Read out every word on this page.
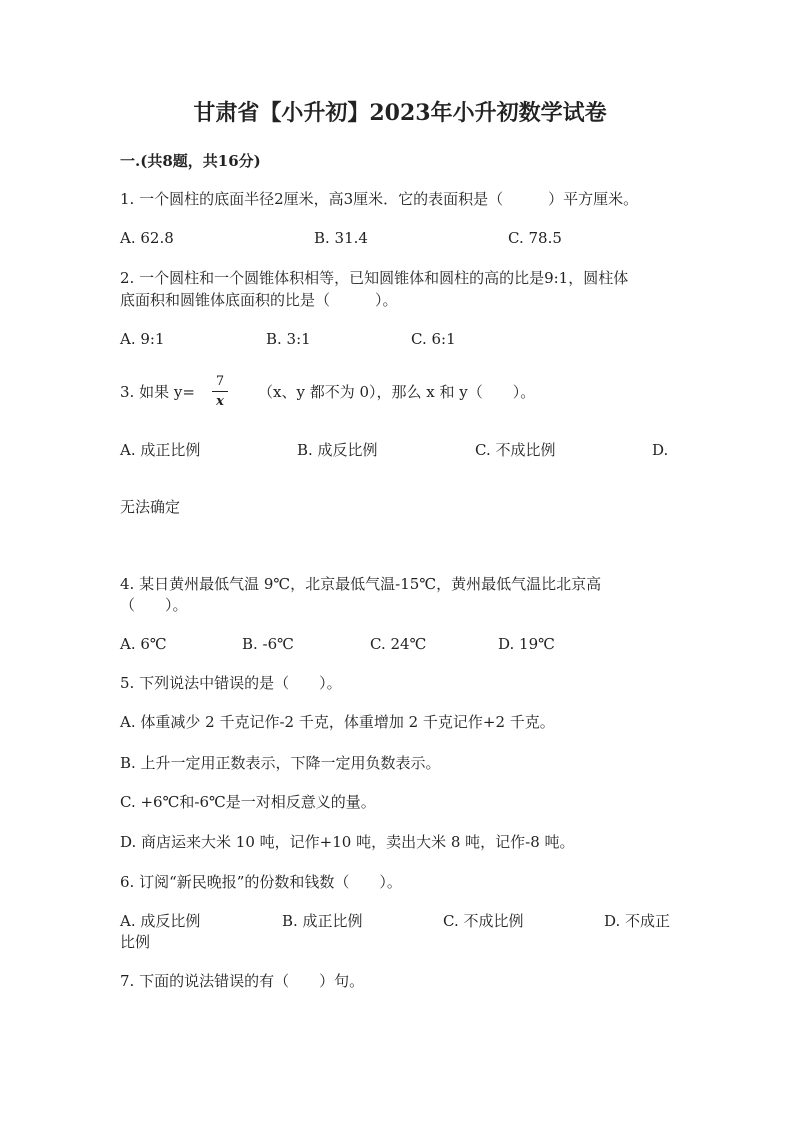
甘肃省【小升初】2023年小升初数学试卷
一.(共8题，共16分)
1. 一个圆柱的底面半径2厘米，高3厘米．它的表面积是（　　　）平方厘米。
A. 62.8	B. 31.4	C. 78.5
2. 一个圆柱和一个圆锥体积相等，已知圆锥体和圆柱的高的比是9:1，圆柱体
底面积和圆锥体底面积的比是（　　　）。
A. 9:1	B. 3:1	C. 6:1
3. 如果 $y= \frac{7}{x} (x$、y 都不为 0），那么 x 和 y（　　）。
A. 成正比例	B. 成反比例	C. 不成比例	D.
无法确定
4. 某日黄州最低气温 9℃，北京最低气温-15℃，黄州最低气温比北京高
（　　）。
A. 6℃	B. -6℃	C. 24℃	D. 19℃
5. 下列说法中错误的是（　　）。
A. 体重减少 2 千克记作-2 千克，体重增加 2 千克记作+2 千克。
B. 上升一定用正数表示，下降一定用负数表示。
C. +6℃和-6℃是一对相反意义的量。
D. 商店运来大米 10 吨，记作+10 吨，卖出大米 8 吨，记作-8 吨。
6. 订阅“新民晚报”的份数和钱数（　　）。
A. 成反比例	B. 成正比例	C. 不成比例	D. 不成正
比例
7. 下面的说法错误的有（　　）句。
